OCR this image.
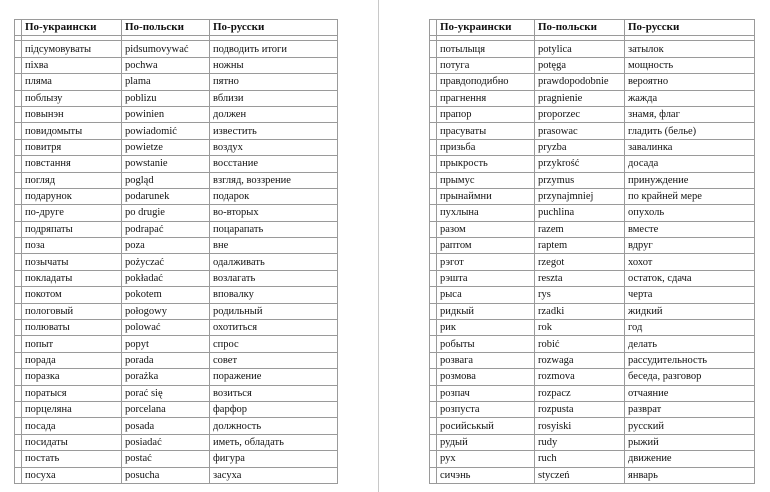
	По-украински	По-польски	По-русски

	підсумовуваты	pidsumovywać	подводить итоги
	піхва	pochwa	ножны
	пляма	plama	пятно
	поблызу	poblizu	вблизи
	повынэн	powinien	должен
	повидомыты	powiadomić	известить
	повитря	powietze	воздух
	повстання	powstanie	восстание
	погляд	pogląd	взгляд, воззрение
	подарунок	podarunek	подарок
	по-друге	po drugie	во-вторых
	подряпаты	podrapać	поцарапать
	поза	poza	вне
	позычаты	pożyczać	одалживать
	покладаты	pokładać	возлагать
	покотом	pokotem	вповалку
	пологовый	połogowy	родильный
	полюваты	polować	охотиться
	попыт	popyt	спрос
	порада	porada	совет
	поразка	porażka	поражение
	поратыся	porać się	возиться
	порцеляна	porcelana	фарфор
	посада	posada	должность
	посидаты	posiadać	иметь, обладать
	постать	postać	фигура
	посуха	posucha	засуха
	По-украински	По-польски	По-русски

	потылыця	potylica	затылок
	потуга	potęga	мощность
	правдоподибно	prawdopodobnie	вероятно
	прагнення	pragnienie	жажда
	прапор	proporzec	знамя, флаг
	прасуваты	prasowac	гладить (белье)
	призьба	pryzba	завалинка
	прыкрость	przykrość	досада
	прымус	przymus	принуждение
	прынаймни	przynajmniej	по крайней мере
	пухлына	puchlina	опухоль
	разом	razem	вместе
	раптом	raptem	вдруг
	рэгот	rzegot	хохот
	рэшта	reszta	остаток, сдача
	рыса	rys	черта
	ридкый	rzadki	жидкий
	рик	rok	год
	робыты	robić	делать
	розвага	rozwaga	рассудительность
	розмова	rozmova	беседа, разговор
	розпач	rozpacz	отчаяние
	розпуста	rozpusta	разврат
	росийськый	rosyiski	русский
	рудый	rudy	рыжий
	рух	ruch	движение
	сичэнь	styczeń	январь
